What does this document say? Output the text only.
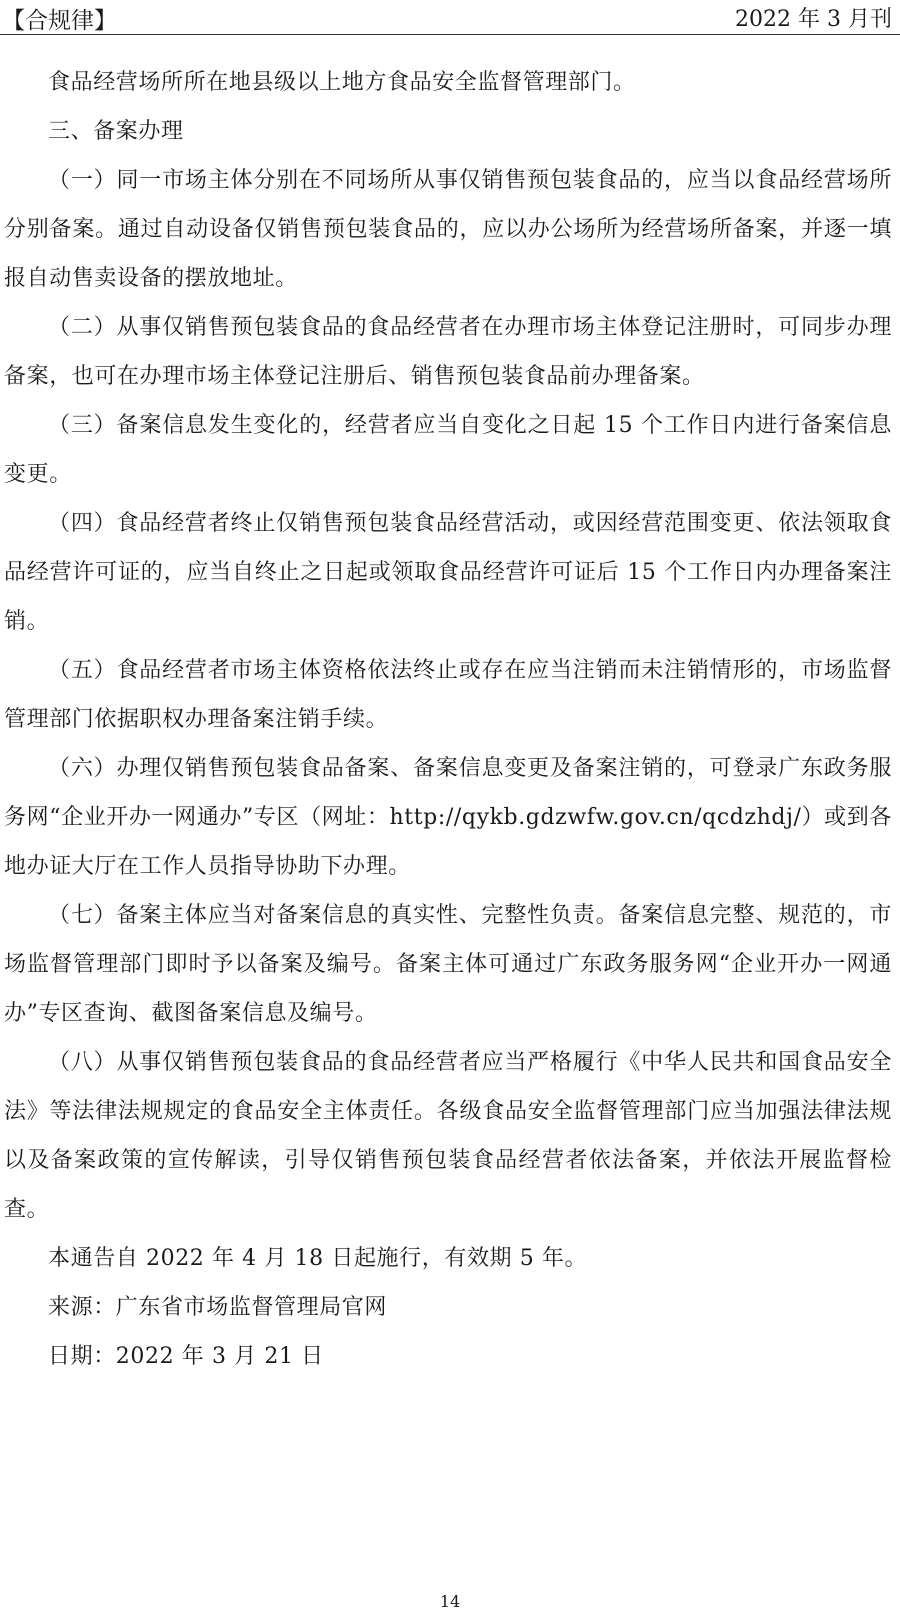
【合规律】	2022 年 3 月刊

食品经营场所所在地县级以上地方食品安全监督管理部门。

三、备案办理

（一）同一市场主体分别在不同场所从事仅销售预包装食品的，应当以食品经营场所分别备案。通过自动设备仅销售预包装食品的，应以办公场所为经营场所备案，并逐一填报自动售卖设备的摆放地址。

（二）从事仅销售预包装食品的食品经营者在办理市场主体登记注册时，可同步办理备案，也可在办理市场主体登记注册后、销售预包装食品前办理备案。

（三）备案信息发生变化的，经营者应当自变化之日起 15 个工作日内进行备案信息变更。

（四）食品经营者终止仅销售预包装食品经营活动，或因经营范围变更、依法领取食品经营许可证的，应当自终止之日起或领取食品经营许可证后 15 个工作日内办理备案注销。

（五）食品经营者市场主体资格依法终止或存在应当注销而未注销情形的，市场监督管理部门依据职权办理备案注销手续。

（六）办理仅销售预包装食品备案、备案信息变更及备案注销的，可登录广东政务服务网“企业开办一网通办”专区（网址：http://qykb.gdzwfw.gov.cn/qcdzhdj/）或到各地办证大厅在工作人员指导协助下办理。

（七）备案主体应当对备案信息的真实性、完整性负责。备案信息完整、规范的，市场监督管理部门即时予以备案及编号。备案主体可通过广东政务服务网“企业开办一网通办”专区查询、截图备案信息及编号。

（八）从事仅销售预包装食品的食品经营者应当严格履行《中华人民共和国食品安全法》等法律法规规定的食品安全主体责任。各级食品安全监督管理部门应当加强法律法规以及备案政策的宣传解读，引导仅销售预包装食品经营者依法备案，并依法开展监督检查。

本通告自 2022 年 4 月 18 日起施行，有效期 5 年。

来源：广东省市场监督管理局官网

日期：2022 年 3 月 21 日

14
